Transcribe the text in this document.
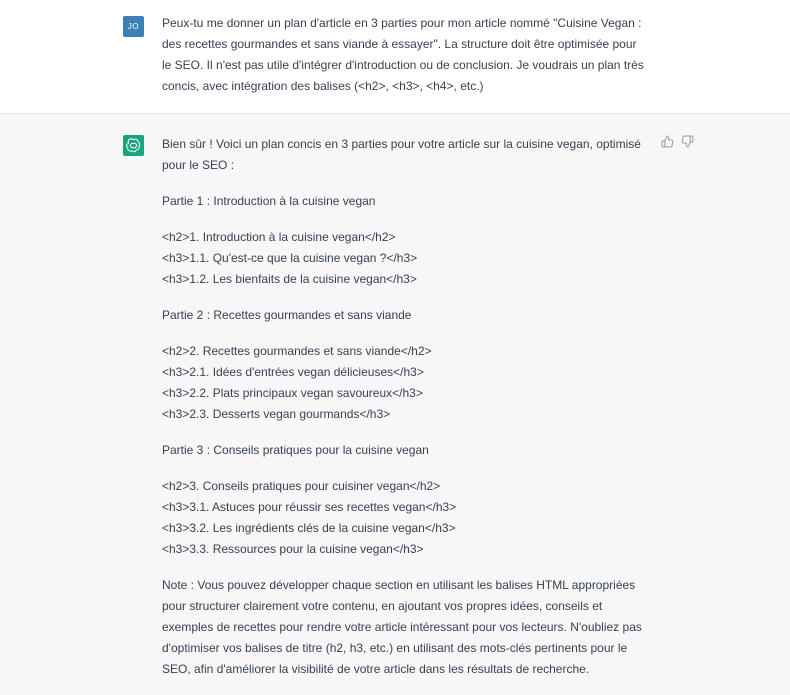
JO Peux-tu me donner un plan d'article en 3 parties pour mon article nommé "Cuisine Vegan : des recettes gourmandes et sans viande à essayer". La structure doit être optimisée pour le SEO. Il n'est pas utile d'intégrer d'introduction ou de conclusion. Je voudrais un plan très concis, avec intégration des balises (<h2>, <h3>, <h4>, etc.)

Bien sûr ! Voici un plan concis en 3 parties pour votre article sur la cuisine vegan, optimisé pour le SEO :

Partie 1 : Introduction à la cuisine vegan

<h2>1. Introduction à la cuisine vegan</h2>

<h3>1.1. Qu'est-ce que la cuisine vegan ?</h3>

<h3>1.2. Les bienfaits de la cuisine vegan</h3>

Partie 2 : Recettes gourmandes et sans viande

<h2>2. Recettes gourmandes et sans viande</h2>

<h3>2.1. Idées d'entrées vegan délicieuses</h3>

<h3>2.2. Plats principaux vegan savoureux</h3>

<h3>2.3. Desserts vegan gourmands</h3>

Partie 3 : Conseils pratiques pour la cuisine vegan

<h2>3. Conseils pratiques pour cuisiner vegan</h2>

<h3>3.1. Astuces pour réussir ses recettes vegan</h3>

<h3>3.2. Les ingrédients clés de la cuisine vegan</h3>

<h3>3.3. Ressources pour la cuisine vegan</h3>

Note : Vous pouvez développer chaque section en utilisant les balises HTML appropriées pour structurer clairement votre contenu, en ajoutant vos propres idées, conseils et exemples de recettes pour rendre votre article intéressant pour vos lecteurs. N'oubliez pas d'optimiser vos balises de titre (h2, h3, etc.) en utilisant des mots-clés pertinents pour le SEO, afin d'améliorer la visibilité de votre article dans les résultats de recherche.
